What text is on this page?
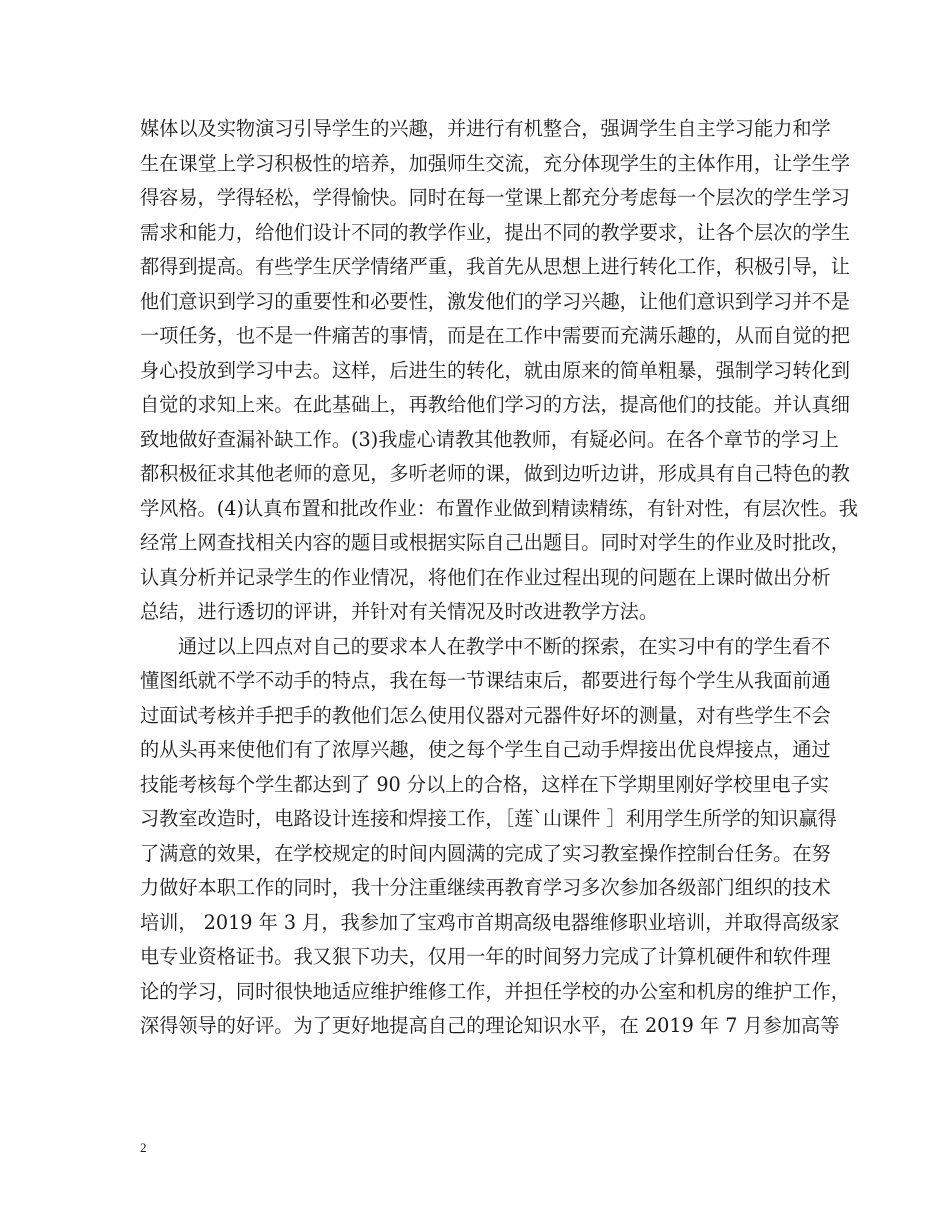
媒体以及实物演习引导学生的兴趣，并进行有机整合，强调学生自主学习能力和学
生在课堂上学习积极性的培养，加强师生交流，充分体现学生的主体作用，让学生学
得容易，学得轻松，学得愉快。同时在每一堂课上都充分考虑每一个层次的学生学习
需求和能力，给他们设计不同的教学作业，提出不同的教学要求，让各个层次的学生
都得到提高。有些学生厌学情绪严重，我首先从思想上进行转化工作，积极引导，让
他们意识到学习的重要性和必要性，激发他们的学习兴趣，让他们意识到学习并不是
一项任务，也不是一件痛苦的事情，而是在工作中需要而充满乐趣的，从而自觉的把
身心投放到学习中去。这样，后进生的转化，就由原来的简单粗暴，强制学习转化到
自觉的求知上来。在此基础上，再教给他们学习的方法，提高他们的技能。并认真细
致地做好查漏补缺工作。(3)我虚心请教其他教师，有疑必问。在各个章节的学习上
都积极征求其他老师的意见，多听老师的课，做到边听边讲，形成具有自己特色的教
学风格。(4)认真布置和批改作业：布置作业做到精读精练，有针对性，有层次性。我
经常上网查找相关内容的题目或根据实际自己出题目。同时对学生的作业及时批改，
认真分析并记录学生的作业情况，将他们在作业过程出现的问题在上课时做出分析
总结，进行透切的评讲，并针对有关情况及时改进教学方法。
通过以上四点对自己的要求本人在教学中不断的探索，在实习中有的学生看不
懂图纸就不学不动手的特点，我在每一节课结束后，都要进行每个学生从我面前通
过面试考核并手把手的教他们怎么使用仪器对元器件好坏的测量，对有些学生不会
的从头再来使他们有了浓厚兴趣，使之每个学生自己动手焊接出优良焊接点，通过
技能考核每个学生都达到了 90 分以上的合格，这样在下学期里刚好学校里电子实
习教室改造时，电路设计连接和焊接工作，［莲`山课件 ］利用学生所学的知识赢得
了满意的效果，在学校规定的时间内圆满的完成了实习教室操作控制台任务。在努
力做好本职工作的同时，我十分注重继续再教育学习多次参加各级部门组织的技术
培训， 2019 年 3 月，我参加了宝鸡市首期高级电器维修职业培训，并取得高级家
电专业资格证书。我又狠下功夫，仅用一年的时间努力完成了计算机硬件和软件理
论的学习，同时很快地适应维护维修工作，并担任学校的办公室和机房的维护工作，
深得领导的好评。为了更好地提高自己的理论知识水平，在 2019 年 7 月参加高等
2
